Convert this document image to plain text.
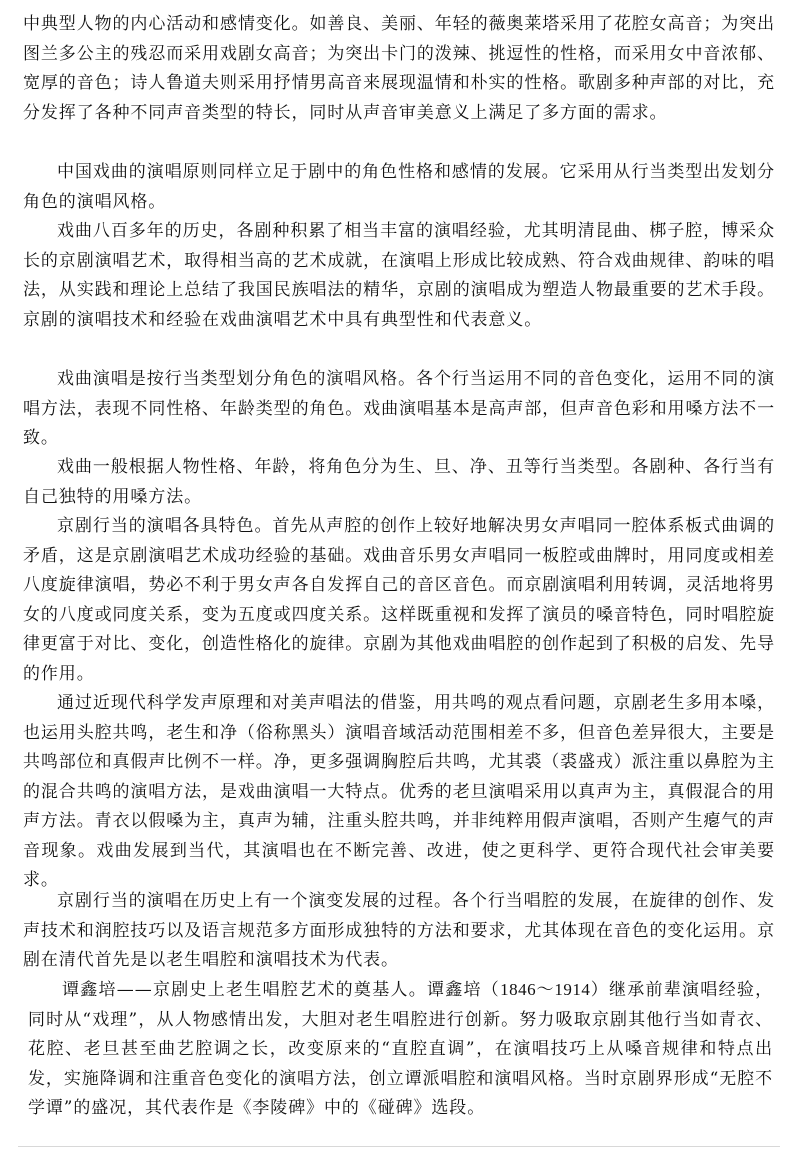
中典型人物的内心活动和感情变化。如善良、美丽、年轻的薇奥莱塔采用了花腔女高音；为突出图兰多公主的残忍而采用戏剧女高音；为突出卡门的泼辣、挑逗性的性格，而采用女中音浓郁、宽厚的音色；诗人鲁道夫则采用抒情男高音来展现温情和朴实的性格。歌剧多种声部的对比，充分发挥了各种不同声音类型的特长，同时从声音审美意义上满足了多方面的需求。

中国戏曲的演唱原则同样立足于剧中的角色性格和感情的发展。它采用从行当类型出发划分角色的演唱风格。

戏曲八百多年的历史，各剧种积累了相当丰富的演唱经验，尤其明清昆曲、梆子腔，博采众长的京剧演唱艺术，取得相当高的艺术成就，在演唱上形成比较成熟、符合戏曲规律、韵味的唱法，从实践和理论上总结了我国民族唱法的精华，京剧的演唱成为塑造人物最重要的艺术手段。京剧的演唱技术和经验在戏曲演唱艺术中具有典型性和代表意义。

戏曲演唱是按行当类型划分角色的演唱风格。各个行当运用不同的音色变化，运用不同的演唱方法，表现不同性格、年龄类型的角色。戏曲演唱基本是高声部，但声音色彩和用嗓方法不一致。

戏曲一般根据人物性格、年龄，将角色分为生、旦、净、丑等行当类型。各剧种、各行当有自己独特的用嗓方法。

京剧行当的演唱各具特色。首先从声腔的创作上较好地解决男女声唱同一腔体系板式曲调的矛盾，这是京剧演唱艺术成功经验的基础。戏曲音乐男女声唱同一板腔或曲牌时，用同度或相差八度旋律演唱，势必不利于男女声各自发挥自己的音区音色。而京剧演唱利用转调，灵活地将男女的八度或同度关系，变为五度或四度关系。这样既重视和发挥了演员的嗓音特色，同时唱腔旋律更富于对比、变化，创造性格化的旋律。京剧为其他戏曲唱腔的创作起到了积极的启发、先导的作用。

通过近现代科学发声原理和对美声唱法的借鉴，用共鸣的观点看问题，京剧老生多用本嗓，也运用头腔共鸣，老生和净（俗称黑头）演唱音域活动范围相差不多，但音色差异很大，主要是共鸣部位和真假声比例不一样。净，更多强调胸腔后共鸣，尤其裘（裘盛戎）派注重以鼻腔为主的混合共鸣的演唱方法，是戏曲演唱一大特点。优秀的老旦演唱采用以真声为主，真假混合的用声方法。青衣以假嗓为主，真声为辅，注重头腔共鸣，并非纯粹用假声演唱，否则产生瘪气的声音现象。戏曲发展到当代，其演唱也在不断完善、改进，使之更科学、更符合现代社会审美要求。

京剧行当的演唱在历史上有一个演变发展的过程。各个行当唱腔的发展，在旋律的创作、发声技术和润腔技巧以及语言规范多方面形成独特的方法和要求，尤其体现在音色的变化运用。京剧在清代首先是以老生唱腔和演唱技术为代表。

谭鑫培——京剧史上老生唱腔艺术的奠基人。谭鑫培（1846～1914）继承前辈演唱经验，同时从“戏理”，从人物感情出发，大胆对老生唱腔进行创新。努力吸取京剧其他行当如青衣、花腔、老旦甚至曲艺腔调之长，改变原来的“直腔直调”，在演唱技巧上从嗓音规律和特点出发，实施降调和注重音色变化的演唱方法，创立谭派唱腔和演唱风格。当时京剧界形成“无腔不学谭”的盛况，其代表作是《李陵碑》中的《碰碑》选段。
